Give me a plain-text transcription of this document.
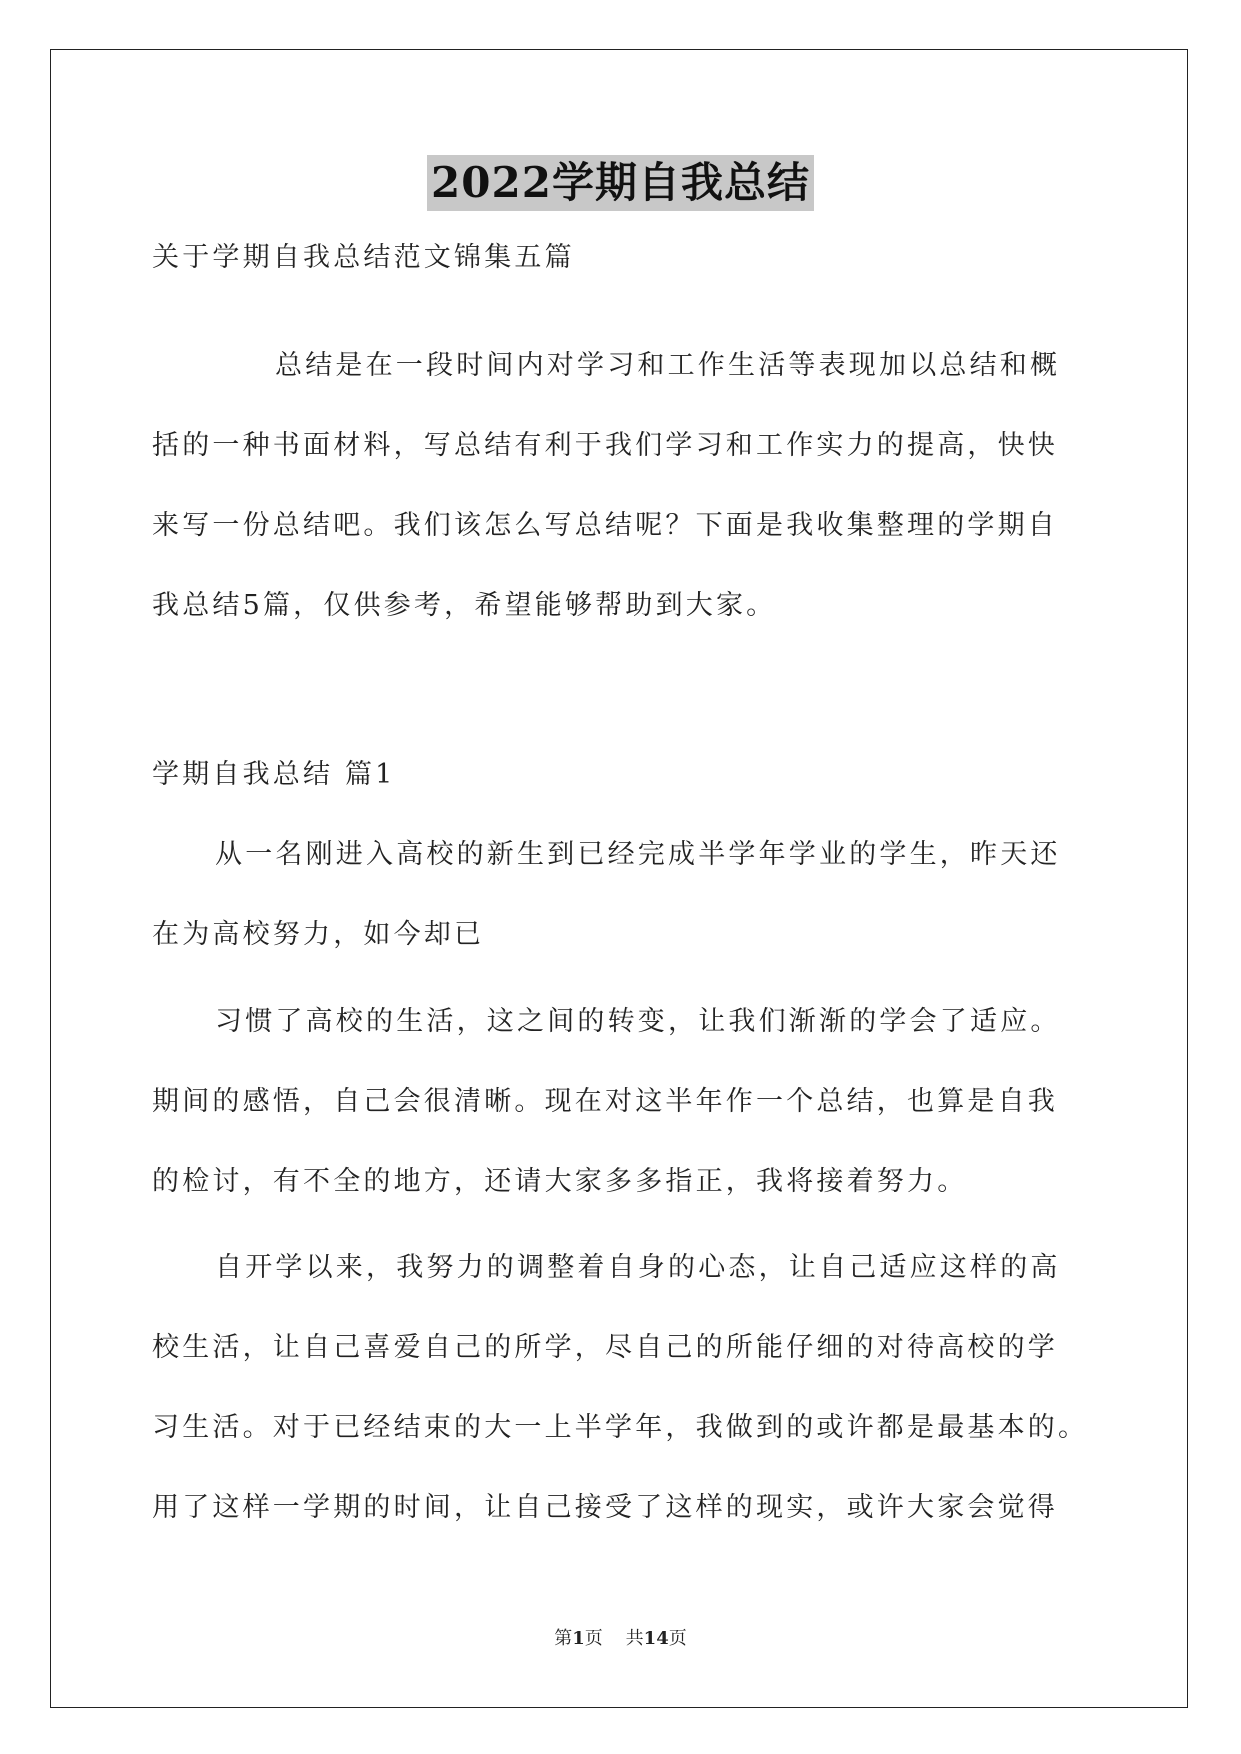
2022学期自我总结
关于学期自我总结范文锦集五篇
总结是在一段时间内对学习和工作生活等表现加以总结和概
括的一种书面材料，写总结有利于我们学习和工作实力的提高，快快
来写一份总结吧。我们该怎么写总结呢？下面是我收集整理的学期自
我总结5篇，仅供参考，希望能够帮助到大家。
学期自我总结 篇1
从一名刚进入高校的新生到已经完成半学年学业的学生，昨天还
在为高校努力，如今却已
习惯了高校的生活，这之间的转变，让我们渐渐的学会了适应。
期间的感悟，自己会很清晰。现在对这半年作一个总结，也算是自我
的检讨，有不全的地方，还请大家多多指正，我将接着努力。
自开学以来，我努力的调整着自身的心态，让自己适应这样的高
校生活，让自己喜爱自己的所学，尽自己的所能仔细的对待高校的学
习生活。对于已经结束的大一上半学年，我做到的或许都是最基本的。
用了这样一学期的时间，让自己接受了这样的现实，或许大家会觉得
第1页 共14页
